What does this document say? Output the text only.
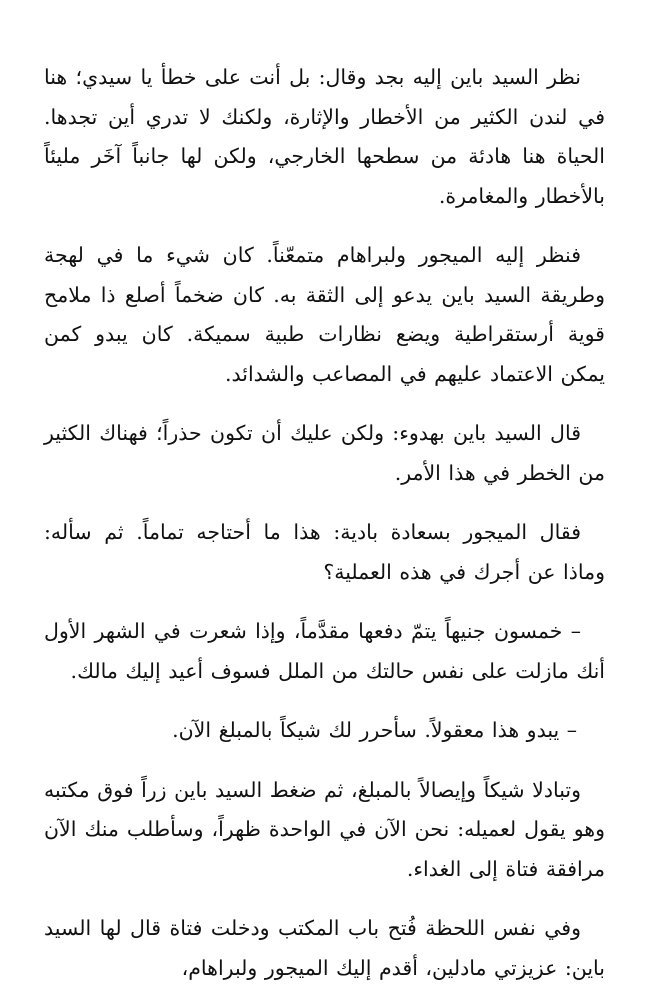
نظر السيد باين إليه بجد وقال: بل أنت على خطأ يا سيدي؛ هنا في لندن الكثير من الأخطار والإثارة، ولكنك لا تدري أين تجدها. الحياة هنا هادئة من سطحها الخارجي، ولكن لها جانباً آخَر مليئاً بالأخطار والمغامرة.

فنظر إليه الميجور ولبراهام متمعّناً. كان شيء ما في لهجة وطريقة السيد باين يدعو إلى الثقة به. كان ضخماً أصلع ذا ملامح قوية أرستقراطية ويضع نظارات طبية سميكة. كان يبدو كمن يمكن الاعتماد عليهم في المصاعب والشدائد.

قال السيد باين بهدوء: ولكن عليك أن تكون حذراً؛ فهناك الكثير من الخطر في هذا الأمر.

فقال الميجور بسعادة بادية: هذا ما أحتاجه تماماً. ثم سأله: وماذا عن أجرك في هذه العملية؟

– خمسون جنيهاً يتمّ دفعها مقدَّماً، وإذا شعرت في الشهر الأول أنك مازلت على نفس حالتك من الملل فسوف أعيد إليك مالك.

– يبدو هذا معقولاً. سأحرر لك شيكاً بالمبلغ الآن.

وتبادلا شيكاً وإيصالاً بالمبلغ، ثم ضغط السيد باين زراً فوق مكتبه وهو يقول لعميله: نحن الآن في الواحدة ظهراً، وسأطلب منك الآن مرافقة فتاة إلى الغداء.

وفي نفس اللحظة فُتح باب المكتب ودخلت فتاة قال لها السيد باين: عزيزتي مادلين، أقدم إليك الميجور ولبراهام،
